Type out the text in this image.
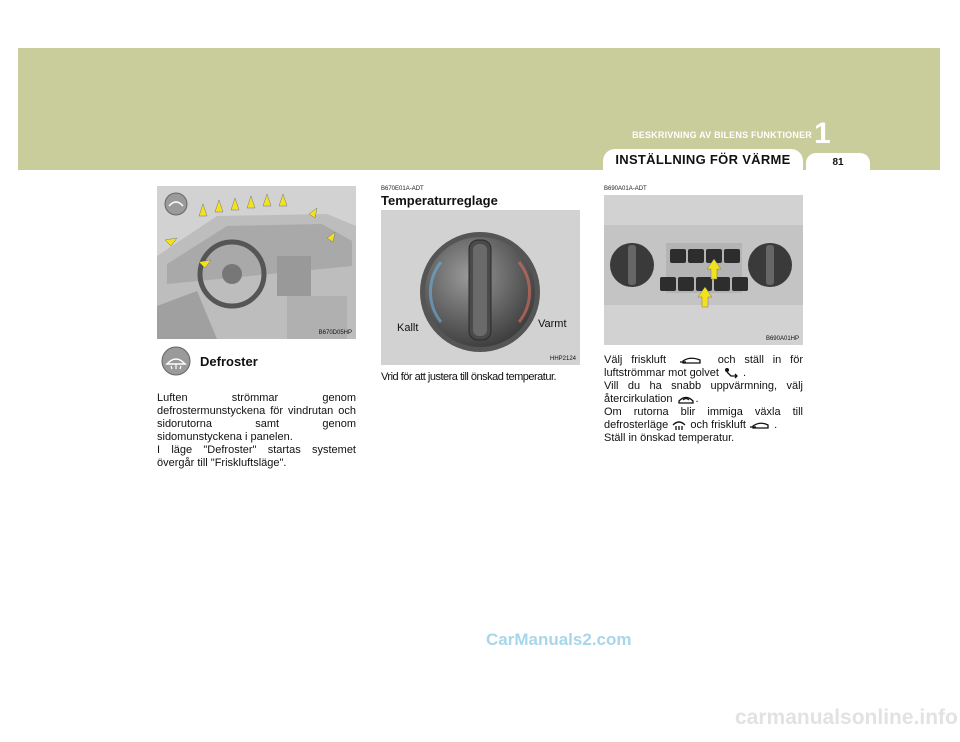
BESKRIVNING AV BILENS FUNKTIONER 1
INSTÄLLNING FÖR VÄRME	81
B670D05HP
Defroster
Luften strömmar genom defrostermunstyckena för vindrutan och sidorutorna samt genom sidomunstyckena i panelen.
I läge "Defroster" startas systemet övergår till "Friskluftsläge".
B670E01A-ADT
Temperaturreglage
Kallt	Varmt
HHP2124
Vrid för att justera till önskad temperatur.
B690A01A-ADT
B690A01HP
Välj friskluft	och ställ in för luftströmmar mot golvet .
Vill du ha snabb uppvärmning, välj återcirkulation .
Om rutorna blir immiga växla till defrosterläge och friskluft	.
Ställ in önskad temperatur.
CarManuals2.com
carmanualsonline.info
